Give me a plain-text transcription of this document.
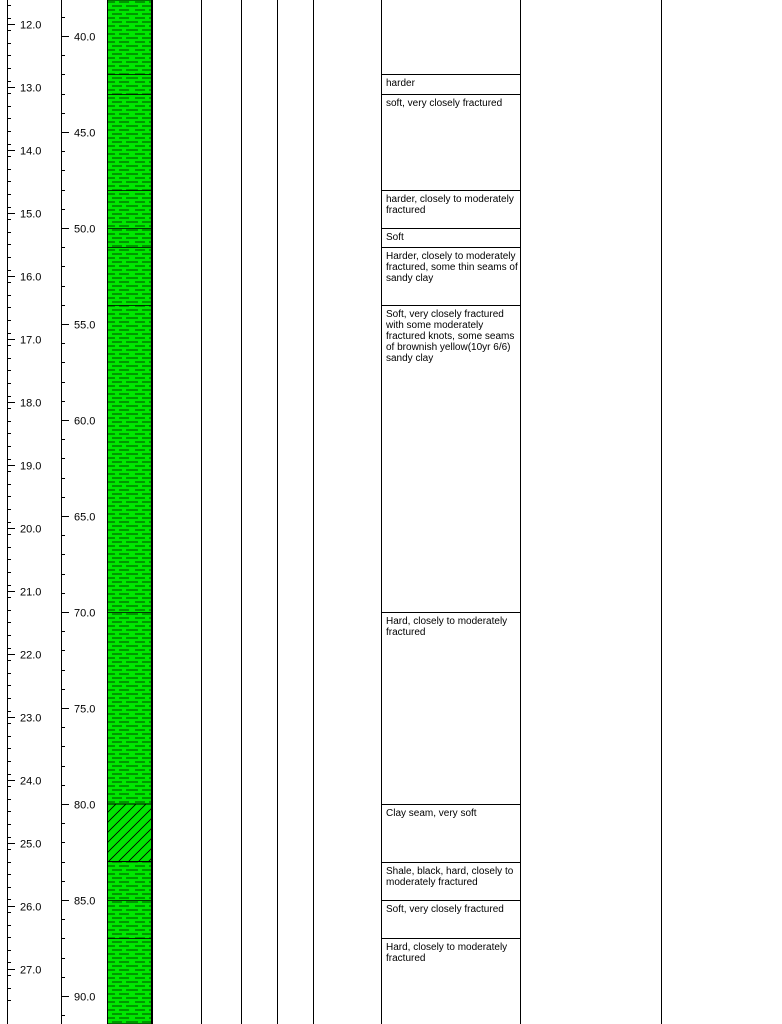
12.0
13.0
14.0
15.0
16.0
17.0
18.0
19.0
20.0
21.0
22.0
23.0
24.0
25.0
26.0
27.0
40.0
45.0
50.0
55.0
60.0
65.0
70.0
75.0
80.0
85.0
90.0
harder
soft, very closely fractured
harder, closely to moderately fractured
Soft
Harder, closely to moderately fractured, some thin seams of sandy clay
Soft, very closely fractured with some moderately fractured knots, some seams of brownish yellow(10yr 6/6) sandy clay
Hard, closely to moderately fractured
Clay seam, very soft
Shale, black, hard, closely to moderately fractured
Soft, very closely fractured
Hard, closely to moderately fractured
